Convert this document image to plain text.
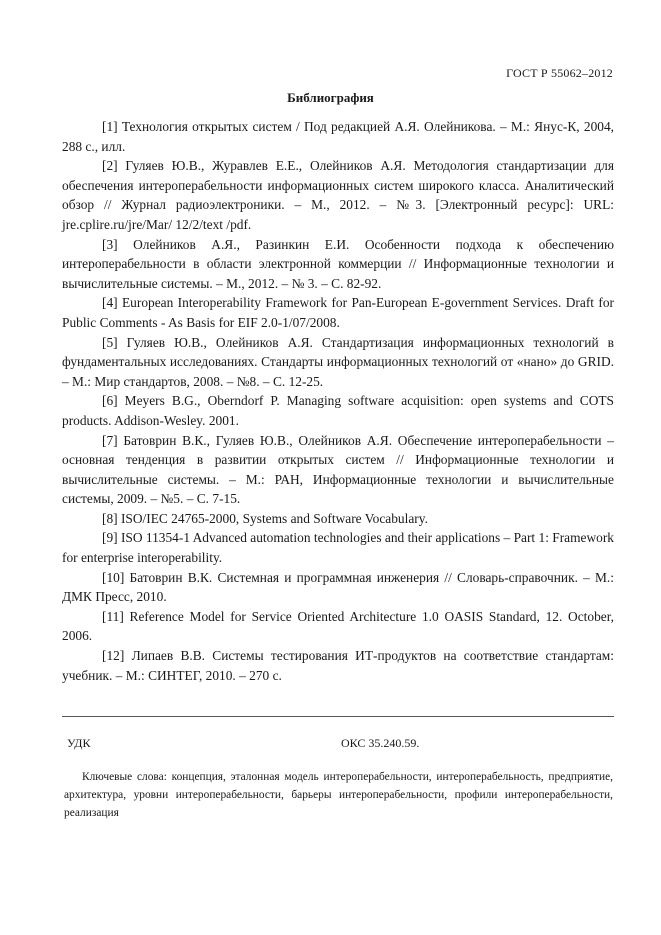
ГОСТ Р 55062–2012
Библиография

[1] Технология открытых систем / Под редакцией А.Я. Олейникова. – М.: Янус-К, 2004, 288 с., илл.

[2] Гуляев Ю.В., Журавлев Е.Е., Олейников А.Я. Методология стандартизации для обеспечения интероперабельности информационных систем широкого класса. Аналитический обзор // Журнал радиоэлектроники. – М., 2012. – №3. [Электронный ресурс]: URL: jre.cplire.ru/jre/Mar/ 12/2/text /pdf.

[3] Олейников А.Я., Разинкин Е.И. Особенности подхода к обеспечению интероперабельности в области электронной коммерции // Информационные технологии и вычислительные системы. – М., 2012. – № 3. – С. 82-92.

[4] European Interoperability Framework for Pan-European E-government Services. Draft for Public Comments - As Basis for EIF 2.0-1/07/2008.

[5] Гуляев Ю.В., Олейников А.Я. Стандартизация информационных технологий в фундаментальных исследованиях. Стандарты информационных технологий от «нано» до GRID. – М.: Мир стандартов, 2008. – №8. – С. 12-25.

[6] Meyers B.G., Oberndorf P. Managing software acquisition: open systems and COTS products. Addison-Wesley. 2001.

[7] Батоврин В.К., Гуляев Ю.В., Олейников А.Я. Обеспечение интероперабельности – основная тенденция в развитии открытых систем // Информационные технологии и вычислительные системы. – М.: РАН, Информационные технологии и вычислительные системы, 2009. – №5. – С. 7-15.

[8] ISO/IEC 24765-2000, Systems and Software Vocabulary.

[9] ISO 11354-1 Advanced automation technologies and their applications – Part 1: Framework for enterprise interoperability.

[10] Батоврин В.К. Системная и программная инженерия // Словарь-справочник. – М.: ДМК Пресс, 2010.

[11] Reference Model for Service Oriented Architecture 1.0 OASIS Standard, 12. October, 2006.

[12] Липаев В.В. Системы тестирования ИТ-продуктов на соответствие стандартам: учебник. – М.: СИНТЕГ, 2010. – 270 с.

УДК	ОКС 35.240.59.

Ключевые слова: концепция, эталонная модель интероперабельности, интероперабельность, предприятие, архитектура, уровни интероперабельности, барьеры интероперабельности, профили интероперабельности, реализация
